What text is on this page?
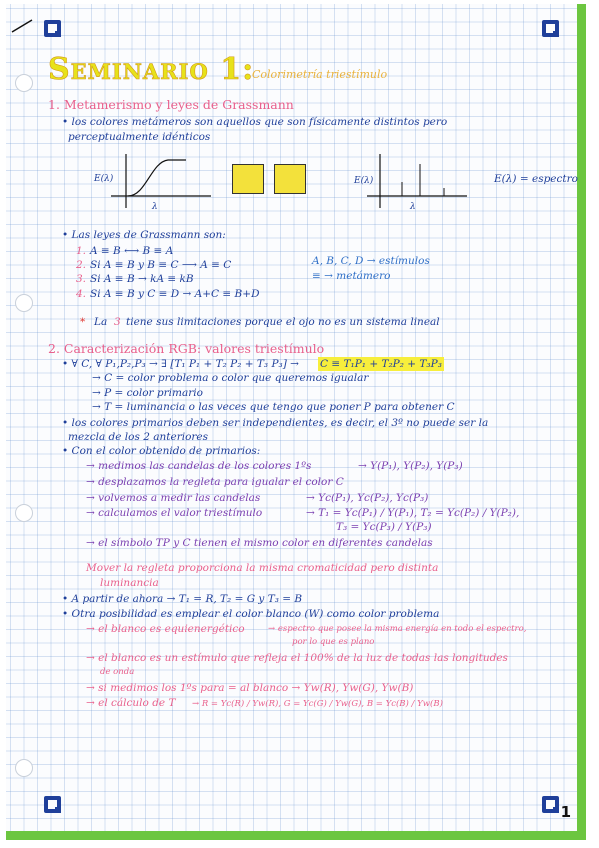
Seminario 1:
Colorimetría triestímulo
1. Metamerismo y leyes de Grassmann
• los colores metámeros son aquellos que son físicamente distintos pero
perceptualmente idénticos
E(λ)
λ
E(λ)
λ
E(λ) = espectro
• Las leyes de Grassmann son:
1. A ≡ B ⟷ B ≡ A
2. Si A ≡ B y B ≡ C ⟶ A ≡ C
3. Si A ≡ B → kA ≡ kB
4. Si A ≡ B y C ≡ D → A+C ≡ B+D
A, B, C, D → estímulos
≡ → metámero
* La 3 tiene sus limitaciones porque el ojo no es un sistema lineal
2. Caracterización RGB: valores triestímulo
• ∀ C, ∀ P₁,P₂,P₃ → ∃ [T₁ P₁ + T₂ P₂ + T₃ P₃] → C ≡ T₁P₁ + T₂P₂ + T₃P₃
→ C = color problema o color que queremos igualar
→ P = color primario
→ T = luminancia o las veces que tengo que poner P para obtener C
• los colores primarios deben ser independientes, es decir, el 3º no puede ser la
mezcla de los 2 anteriores
• Con el color obtenido de primarios:
→ medimos las candelas de los colores 1ºs	→ Y(P₁), Y(P₂), Y(P₃)
→ desplazamos la regleta para igualar el color C
→ volvemos a medir las candelas	→ Yc(P₁), Yc(P₂), Yc(P₃)
→ calculamos el valor triestímulo	→ T₁ = Yc(P₁) / Y(P₁), T₂ = Yc(P₂) / Y(P₂),
T₃ = Yc(P₃) / Y(P₃)
→ el símbolo TP y C tienen el mismo color en diferentes candelas
Mover la regleta proporciona la misma cromaticidad pero distinta
luminancia
• A partir de ahora → T₁ = R, T₂ = G y T₃ = B
• Otra posibilidad es emplear el color blanco (W) como color problema
→ el blanco es equienergético	→ espectro que posee la misma energía en todo el espectro,
por lo que es plano
→ el blanco es un estímulo que refleja el 100% de la luz de todas las longitudes
de onda
→ si medimos los 1ºs para = al blanco → Yw(R), Yw(G), Yw(B)
→ el cálculo de T → R = Yc(R) / Yw(R), G = Yc(G) / Yw(G), B = Yc(B) / Yw(B)
1
